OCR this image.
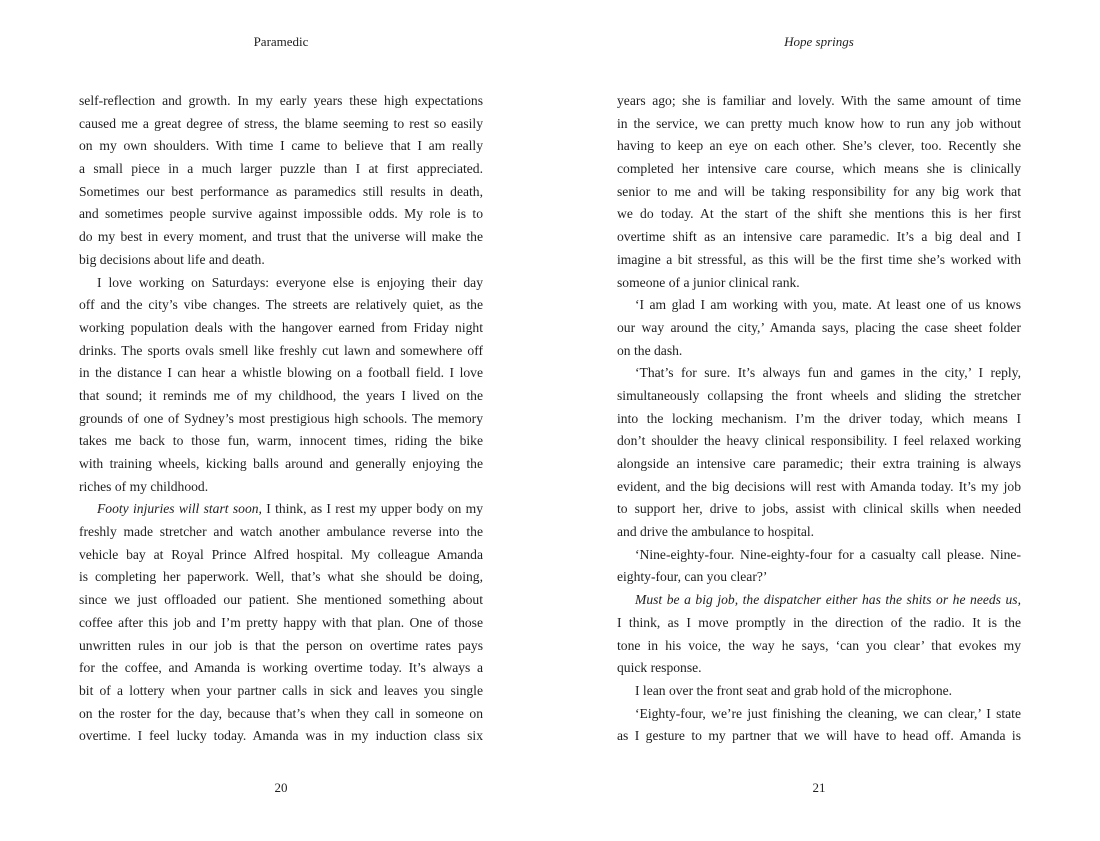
Paramedic
self-reflection and growth. In my early years these high expectations
caused me a great degree of stress, the blame seeming to rest so easily
on my own shoulders. With time I came to believe that I am really
a small piece in a much larger puzzle than I at first appreciated.
Sometimes our best performance as paramedics still results in death,
and sometimes people survive against impossible odds. My role is to
do my best in every moment, and trust that the universe will make the
big decisions about life and death.
I love working on Saturdays: everyone else is enjoying their day
off and the city’s vibe changes. The streets are relatively quiet, as the
working population deals with the hangover earned from Friday night
drinks. The sports ovals smell like freshly cut lawn and somewhere off
in the distance I can hear a whistle blowing on a football field. I love
that sound; it reminds me of my childhood, the years I lived on the
grounds of one of Sydney’s most prestigious high schools. The memory
takes me back to those fun, warm, innocent times, riding the bike
with training wheels, kicking balls around and generally enjoying the
riches of my childhood.
Footy injuries will start soon, I think, as I rest my upper body on my
freshly made stretcher and watch another ambulance reverse into the
vehicle bay at Royal Prince Alfred hospital. My colleague Amanda
is completing her paperwork. Well, that’s what she should be doing,
since we just offloaded our patient. She mentioned something about
coffee after this job and I’m pretty happy with that plan. One of those
unwritten rules in our job is that the person on overtime rates pays
for the coffee, and Amanda is working overtime today. It’s always a
bit of a lottery when your partner calls in sick and leaves you single
on the roster for the day, because that’s when they call in someone on
overtime. I feel lucky today. Amanda was in my induction class six
20
Hope springs
years ago; she is familiar and lovely. With the same amount of time
in the service, we can pretty much know how to run any job without
having to keep an eye on each other. She’s clever, too. Recently she
completed her intensive care course, which means she is clinically
senior to me and will be taking responsibility for any big work that
we do today. At the start of the shift she mentions this is her first
overtime shift as an intensive care paramedic. It’s a big deal and I
imagine a bit stressful, as this will be the first time she’s worked with
someone of a junior clinical rank.
‘I am glad I am working with you, mate. At least one of us knows
our way around the city,’ Amanda says, placing the case sheet folder
on the dash.
‘That’s for sure. It’s always fun and games in the city,’ I reply,
simultaneously collapsing the front wheels and sliding the stretcher
into the locking mechanism. I’m the driver today, which means I
don’t shoulder the heavy clinical responsibility. I feel relaxed working
alongside an intensive care paramedic; their extra training is always
evident, and the big decisions will rest with Amanda today. It’s my job
to support her, drive to jobs, assist with clinical skills when needed
and drive the ambulance to hospital.
‘Nine-eighty-four. Nine-eighty-four for a casualty call please. Nine-
eighty-four, can you clear?’
Must be a big job, the dispatcher either has the shits or he needs us,
I think, as I move promptly in the direction of the radio. It is the
tone in his voice, the way he says, ‘can you clear’ that evokes my
quick response.
I lean over the front seat and grab hold of the microphone.
‘Eighty-four, we’re just finishing the cleaning, we can clear,’ I state
as I gesture to my partner that we will have to head off. Amanda is
21
